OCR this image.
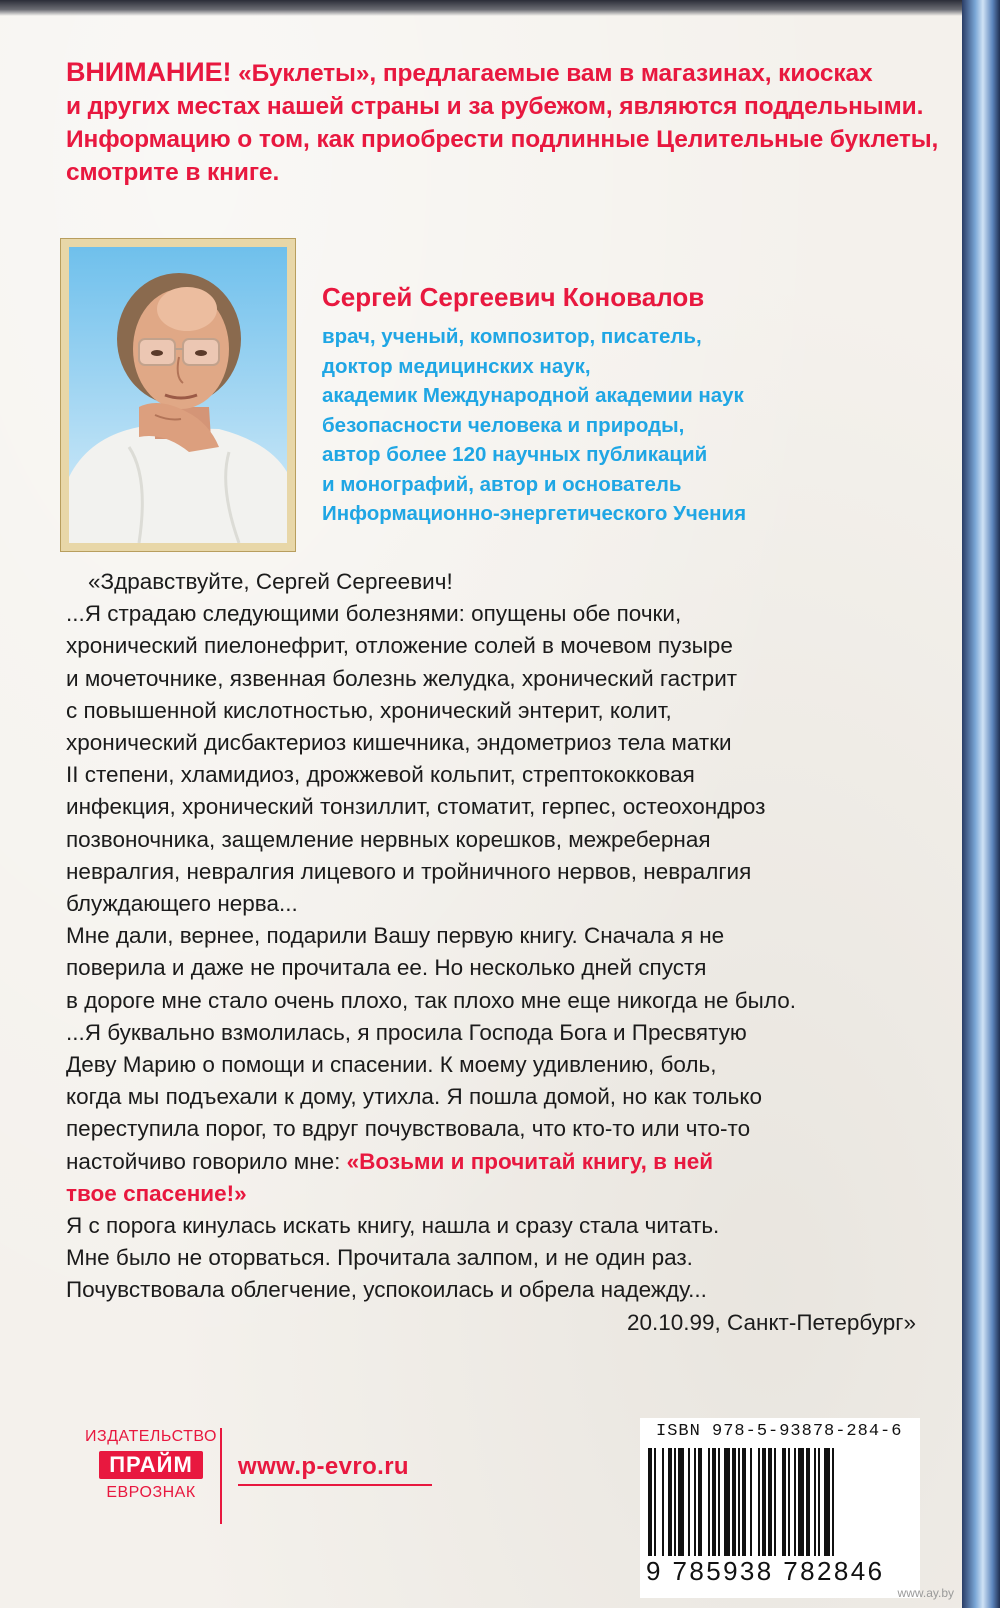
ВНИМАНИЕ! «Буклеты», предлагаемые вам в магазинах, киосках

и других местах нашей страны и за рубежом, являются поддельными.

Информацию о том, как приобрести подлинные Целительные буклеты,

смотрите в книге.

Сергей Сергеевич Коновалов

врач, ученый, композитор, писатель,

доктор медицинских наук,

академик Международной академии наук

безопасности человека и природы,

автор более 120 научных публикаций

и монографий, автор и основатель

Информационно-энергетического Учения

«Здравствуйте, Сергей Сергеевич!

...Я страдаю следующими болезнями: опущены обе почки,

хронический пиелонефрит, отложение солей в мочевом пузыре

и мочеточнике, язвенная болезнь желудка, хронический гастрит

с повышенной кислотностью, хронический энтерит, колит,

хронический дисбактериоз кишечника, эндометриоз тела матки

II степени, хламидиоз, дрожжевой кольпит, стрептококковая

инфекция, хронический тонзиллит, стоматит, герпес, остеохондроз

позвоночника, защемление нервных корешков, межреберная

невралгия, невралгия лицевого и тройничного нервов, невралгия

блуждающего нерва...

Мне дали, вернее, подарили Вашу первую книгу. Сначала я не

поверила и даже не прочитала ее. Но несколько дней спустя

в дороге мне стало очень плохо, так плохо мне еще никогда не было.

...Я буквально взмолилась, я просила Господа Бога и Пресвятую

Деву Марию о помощи и спасении. К моему удивлению, боль,

когда мы подъехали к дому, утихла. Я пошла домой, но как только

переступила порог, то вдруг почувствовала, что кто-то или что-то

настойчиво говорило мне: «Возьми и прочитай книгу, в ней

твое спасение!»

Я с порога кинулась искать книгу, нашла и сразу стала читать.

Мне было не оторваться. Прочитала залпом, и не один раз.

Почувствовала облегчение, успокоилась и обрела надежду...

20.10.99, Санкт-Петербург»

ИЗДАТЕЛЬСТВО

ПРАЙМ

ЕВРОЗНАК

www.p-evro.ru
ISBN 978-5-93878-284-6
9 785938 782846
www.ay.by
